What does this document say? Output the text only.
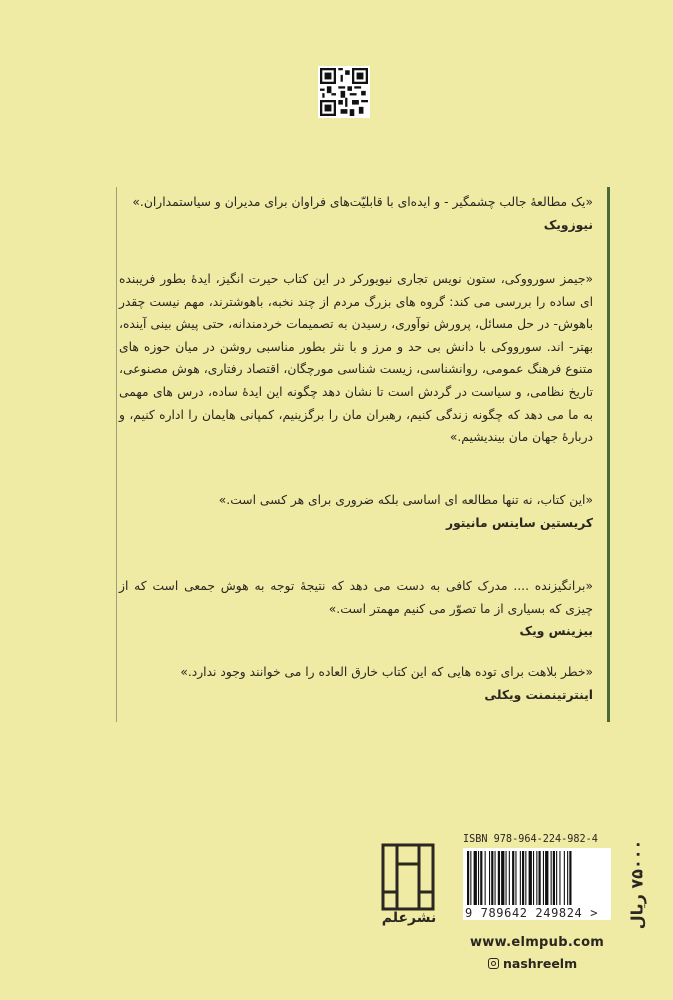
«یک مطالعهٔ جالب چشمگیر - و ایده‌ای با قابلیّت‌های فراوان برای مدیران و سیاستمداران.»
نیوزویک
«جیمز سورووکی، ستون نویس تجاری نیویورکر در این کتاب حیرت انگیز، ایدهٔ بطور فریبنده ای ساده را بررسی می کند: گروه های بزرگ مردم از چند نخبه، باهوشترند، مهم نیست چقدر باهوش- در حل مسائل، پرورش نوآوری، رسیدن به تصمیمات خردمندانه، حتی پیش بینی آینده، بهتر- اند. سورووکی با دانش بی حد و مرز و با نثر بطور مناسبی روشن در میان حوزه های متنوع فرهنگ عمومی، روانشناسی، زیست شناسی مورچگان، اقتصاد رفتاری، هوش مصنوعی، تاریخ نظامی، و سیاست در گردش است تا نشان دهد چگونه این ایدهٔ ساده، درس های مهمی به ما می دهد که چگونه زندگی کنیم، رهبران مان را برگزینیم، کمپانی هایمان را اداره کنیم، و دربارهٔ جهان مان بیندیشیم.»
«این کتاب، نه تنها مطالعه ای اساسی بلکه ضروری برای هر کسی است.»
کریستین ساینس مانیتور
«برانگیزنده .... مدرک کافی به دست می دهد که نتیجهٔ توجه به هوش جمعی است که از چیزی که بسیاری از ما تصوّر می کنیم مهمتر است.»
بیزینس ویک
«خطر بلاهت برای توده هایی که این کتاب خارق العاده را می خوانند وجود ندارد.»
اینترتینمنت ویکلی
نشرعلم
ISBN 978-964-224-982-4
9 789642 249824 > ۷۵۰۰۰ ریال
www.elmpub.com
nashreelm
